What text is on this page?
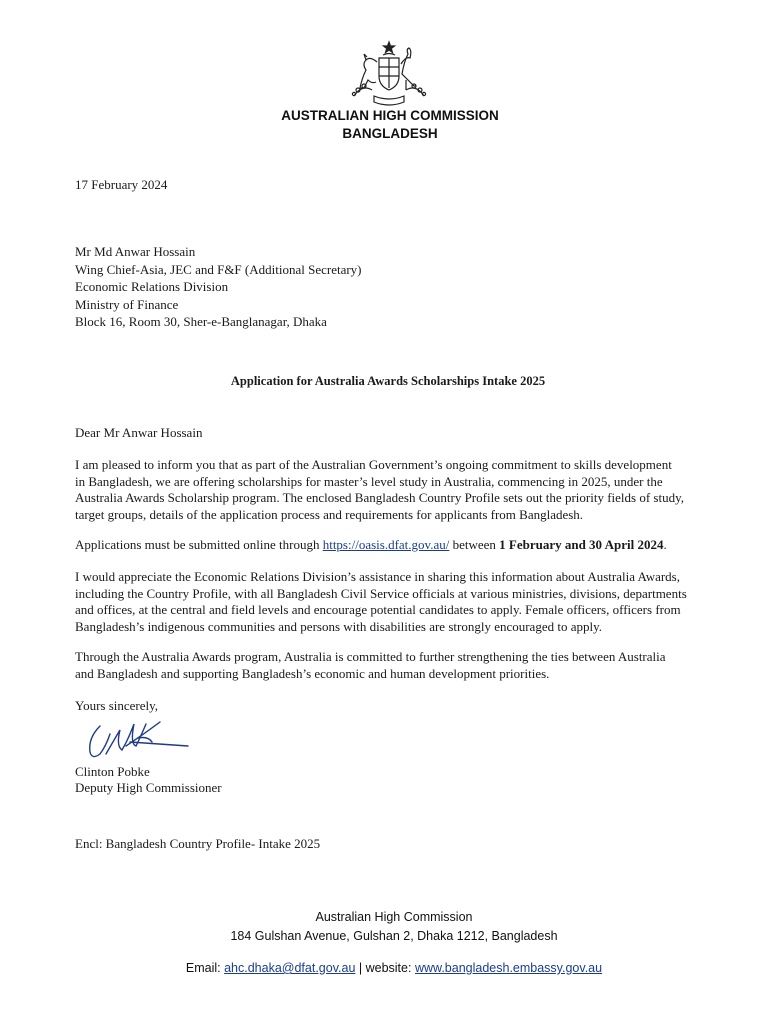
AUSTRALIAN HIGH COMMISSION
BANGLADESH
17 February 2024
Mr Md Anwar Hossain
Wing Chief-Asia, JEC and F&F (Additional Secretary)
Economic Relations Division
Ministry of Finance
Block 16, Room 30, Sher-e-Banglanagar, Dhaka
Application for Australia Awards Scholarships Intake 2025
Dear Mr Anwar Hossain
I am pleased to inform you that as part of the Australian Government’s ongoing commitment to skills development
in Bangladesh, we are offering scholarships for master’s level study in Australia, commencing in 2025, under the
Australia Awards Scholarship program. The enclosed Bangladesh Country Profile sets out the priority fields of study,
target groups, details of the application process and requirements for applicants from Bangladesh.
Applications must be submitted online through https://oasis.dfat.gov.au/ between 1 February and 30 April 2024.
I would appreciate the Economic Relations Division’s assistance in sharing this information about Australia Awards,
including the Country Profile, with all Bangladesh Civil Service officials at various ministries, divisions, departments
and offices, at the central and field levels and encourage potential candidates to apply. Female officers, officers from
Bangladesh’s indigenous communities and persons with disabilities are strongly encouraged to apply.
Through the Australia Awards program, Australia is committed to further strengthening the ties between Australia
and Bangladesh and supporting Bangladesh’s economic and human development priorities.
Yours sincerely,
Clinton Pobke
Deputy High Commissioner
Encl: Bangladesh Country Profile- Intake 2025
Australian High Commission
184 Gulshan Avenue, Gulshan 2, Dhaka 1212, Bangladesh
Email: ahc.dhaka@dfat.gov.au | website: www.bangladesh.embassy.gov.au
